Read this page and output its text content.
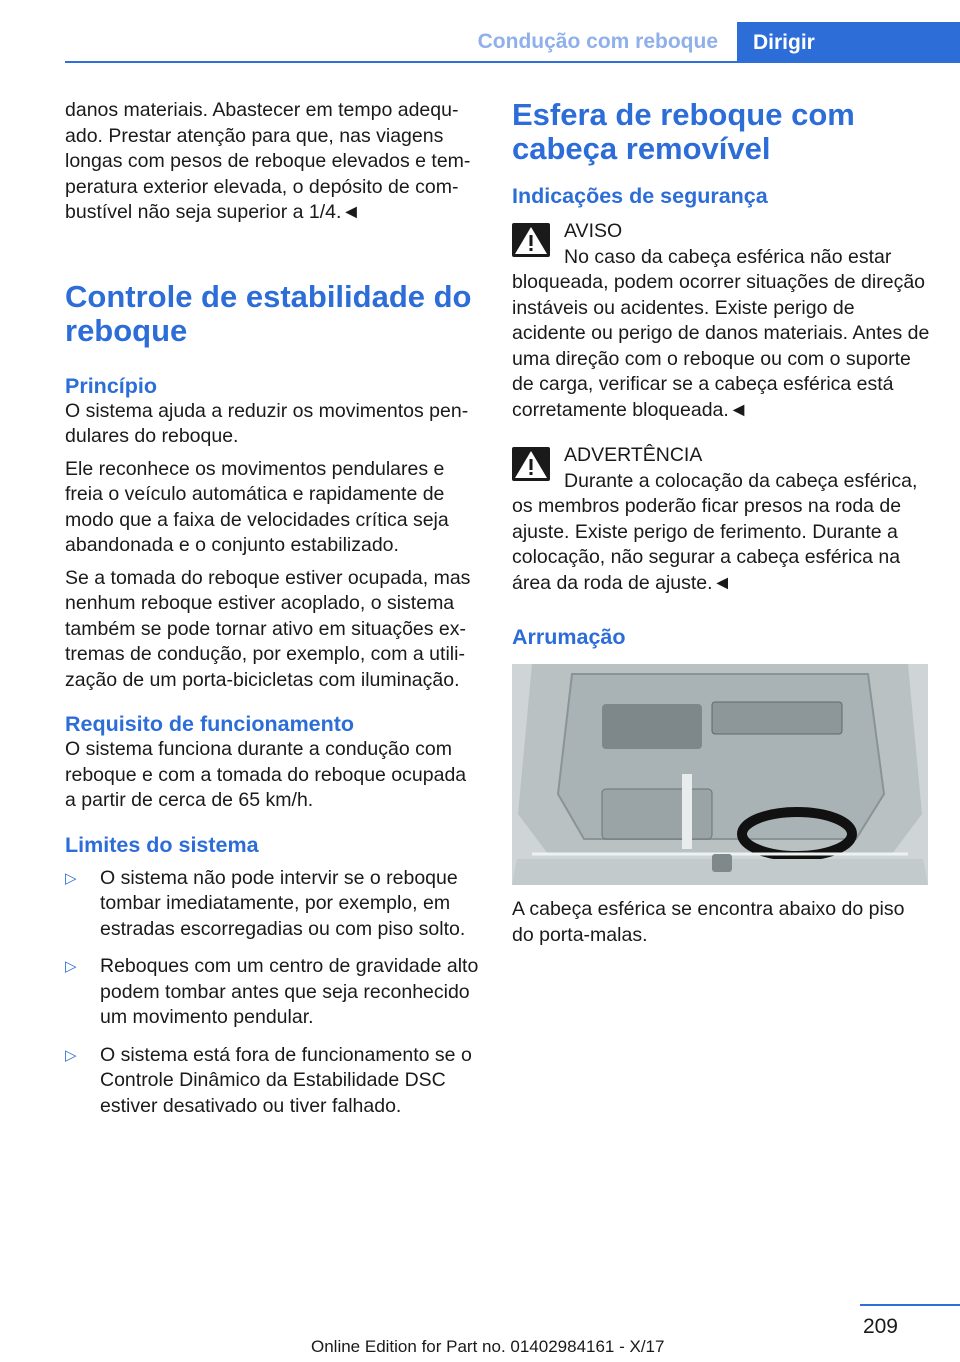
Condução com reboque	Dirigir

danos materiais. Abastecer em tempo adequado. Prestar atenção para que, nas viagens longas com pesos de reboque elevados e temperatura exterior elevada, o depósito de combustível não seja superior a 1/4.◄

Controle de estabilidade do reboque
Princípio

O sistema ajuda a reduzir os movimentos pendulares do reboque.

Ele reconhece os movimentos pendulares e freia o veículo automática e rapidamente de modo que a faixa de velocidades crítica seja abandonada e o conjunto estabilizado.

Se a tomada do reboque estiver ocupada, mas nenhum reboque estiver acoplado, o sistema também se pode tornar ativo em situações extremas de condução, por exemplo, com a utilização de um porta-bicicletas com iluminação.

Requisito de funcionamento

O sistema funciona durante a condução com reboque e com a tomada do reboque ocupada a partir de cerca de 65 km/h.

Limites do sistema
▷ O sistema não pode intervir se o reboque tombar imediatamente, por exemplo, em estradas escorregadias ou com piso solto.
▷ Reboques com um centro de gravidade alto podem tombar antes que seja reconhecido um movimento pendular.
▷ O sistema está fora de funcionamento se o Controle Dinâmico da Estabilidade DSC estiver desativado ou tiver falhado.
Esfera de reboque com cabeça removível
Indicações de segurança

AVISO

No caso da cabeça esférica não estar bloqueada, podem ocorrer situações de direção instáveis ou acidentes. Existe perigo de acidente ou perigo de danos materiais. Antes de uma direção com o reboque ou com o suporte de carga, verificar se a cabeça esférica está corretamente bloqueada.◄

ADVERTÊNCIA

Durante a colocação da cabeça esférica, os membros poderão ficar presos na roda de ajuste. Existe perigo de ferimento. Durante a colocação, não segurar a cabeça esférica na área da roda de ajuste.◄

Arrumação

A cabeça esférica se encontra abaixo do piso do porta-malas.

209
Online Edition for Part no. 01402984161 - X/17
